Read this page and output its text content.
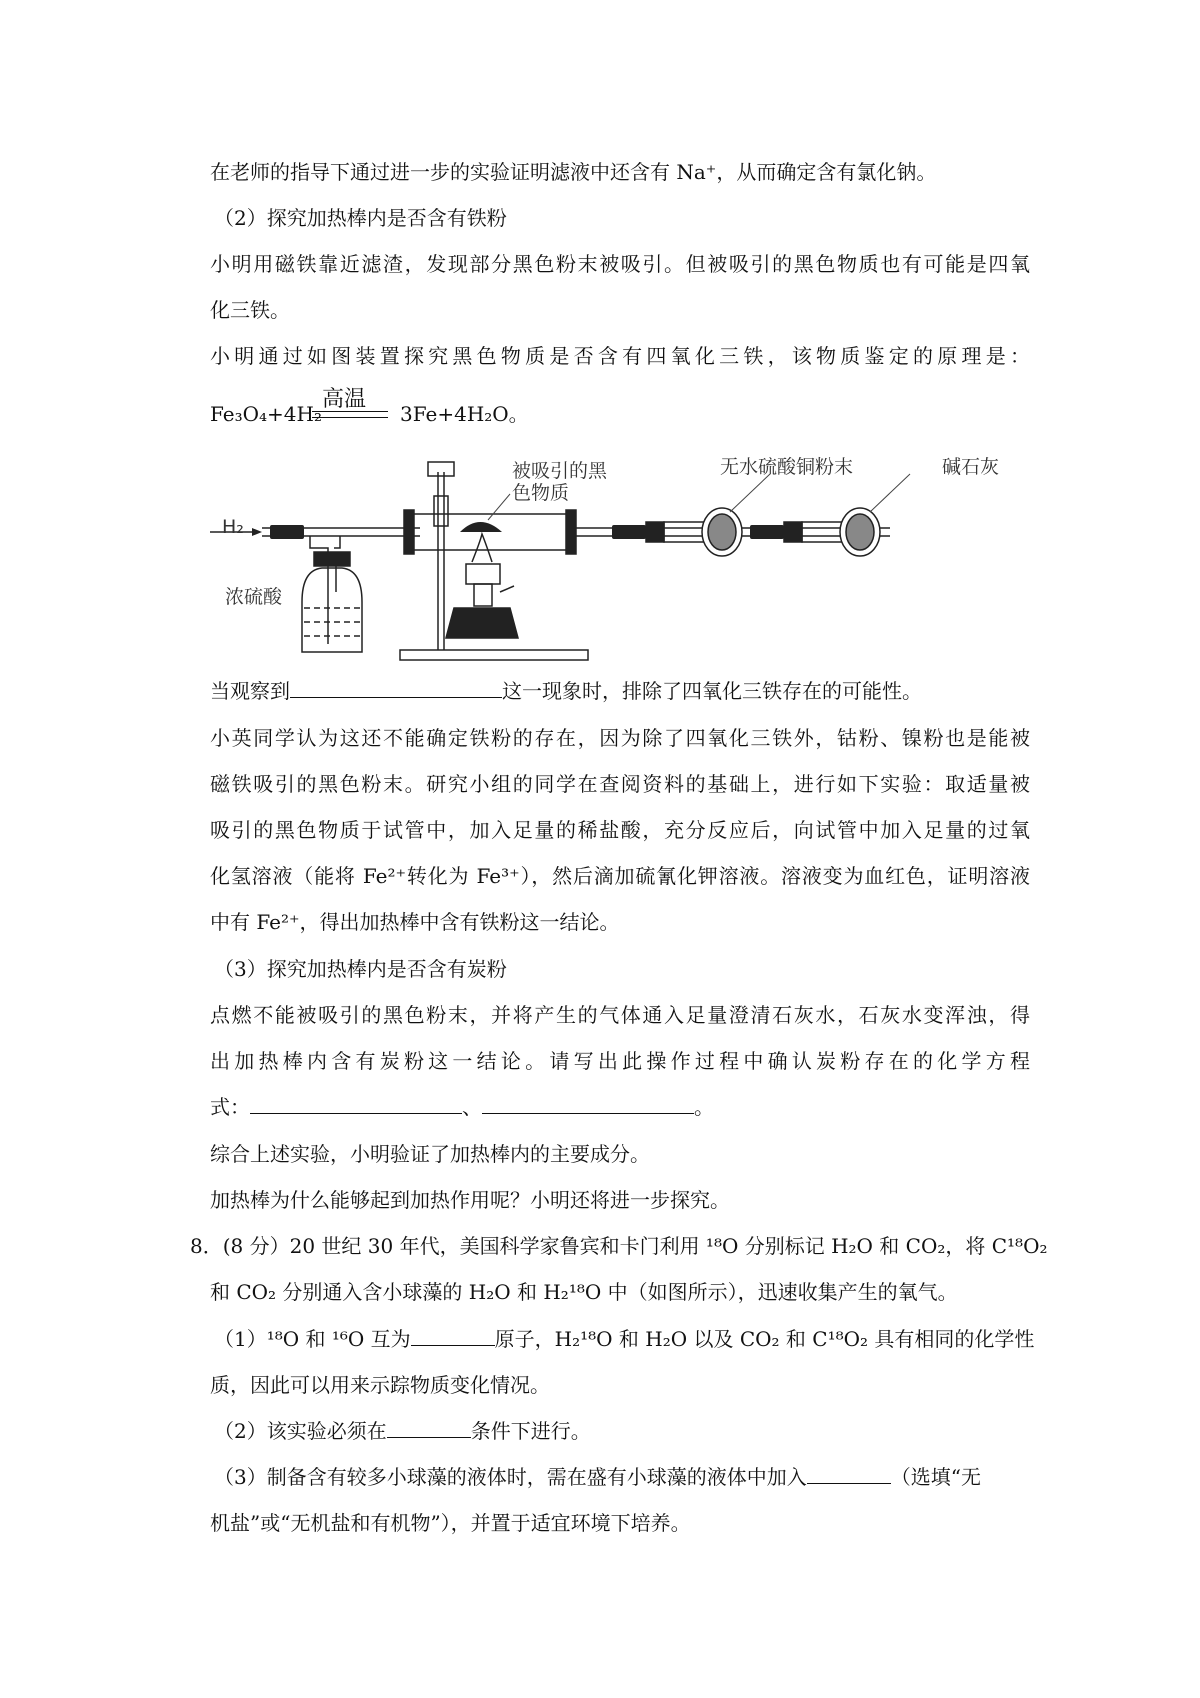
在老师的指导下通过进一步的实验证明滤液中还含有 Na⁺，从而确定含有氯化钠。
（2）探究加热棒内是否含有铁粉
小明用磁铁靠近滤渣，发现部分黑色粉末被吸引。但被吸引的黑色物质也有可能是四氧
化三铁。
小明通过如图装置探究黑色物质是否含有四氧化三铁，该物质鉴定的原理是：
Fe₃O₄+4H₂	3Fe+4H₂O。
高温
H₂
浓硫酸
被吸引的黑
色物质
无水硫酸铜粉末	碱石灰
当观察到	这一现象时，排除了四氧化三铁存在的可能性。
小英同学认为这还不能确定铁粉的存在，因为除了四氧化三铁外，钴粉、镍粉也是能被
磁铁吸引的黑色粉末。研究小组的同学在查阅资料的基础上，进行如下实验：取适量被
吸引的黑色物质于试管中，加入足量的稀盐酸，充分反应后，向试管中加入足量的过氧
化氢溶液（能将 Fe²⁺转化为 Fe³⁺），然后滴加硫氰化钾溶液。溶液变为血红色，证明溶液
中有 Fe²⁺，得出加热棒中含有铁粉这一结论。
（3）探究加热棒内是否含有炭粉
点燃不能被吸引的黑色粉末，并将产生的气体通入足量澄清石灰水，石灰水变浑浊，得
出加热棒内含有炭粉这一结论。请写出此操作过程中确认炭粉存在的化学方程
式：	、	。
综合上述实验，小明验证了加热棒内的主要成分。
加热棒为什么能够起到加热作用呢？小明还将进一步探究。
8．(8 分）20 世纪 30 年代，美国科学家鲁宾和卡门利用 ¹⁸O 分别标记 H₂O 和 CO₂，将 C¹⁸O₂
和 CO₂ 分别通入含小球藻的 H₂O 和 H₂¹⁸O 中（如图所示），迅速收集产生的氧气。
（1）¹⁸O 和 ¹⁶O 互为	原子，H₂¹⁸O 和 H₂O 以及 CO₂ 和 C¹⁸O₂ 具有相同的化学性
质，因此可以用来示踪物质变化情况。
（2）该实验必须在	条件下进行。
（3）制备含有较多小球藻的液体时，需在盛有小球藻的液体中加入	（选填“无
机盐”或“无机盐和有机物”），并置于适宜环境下培养。
